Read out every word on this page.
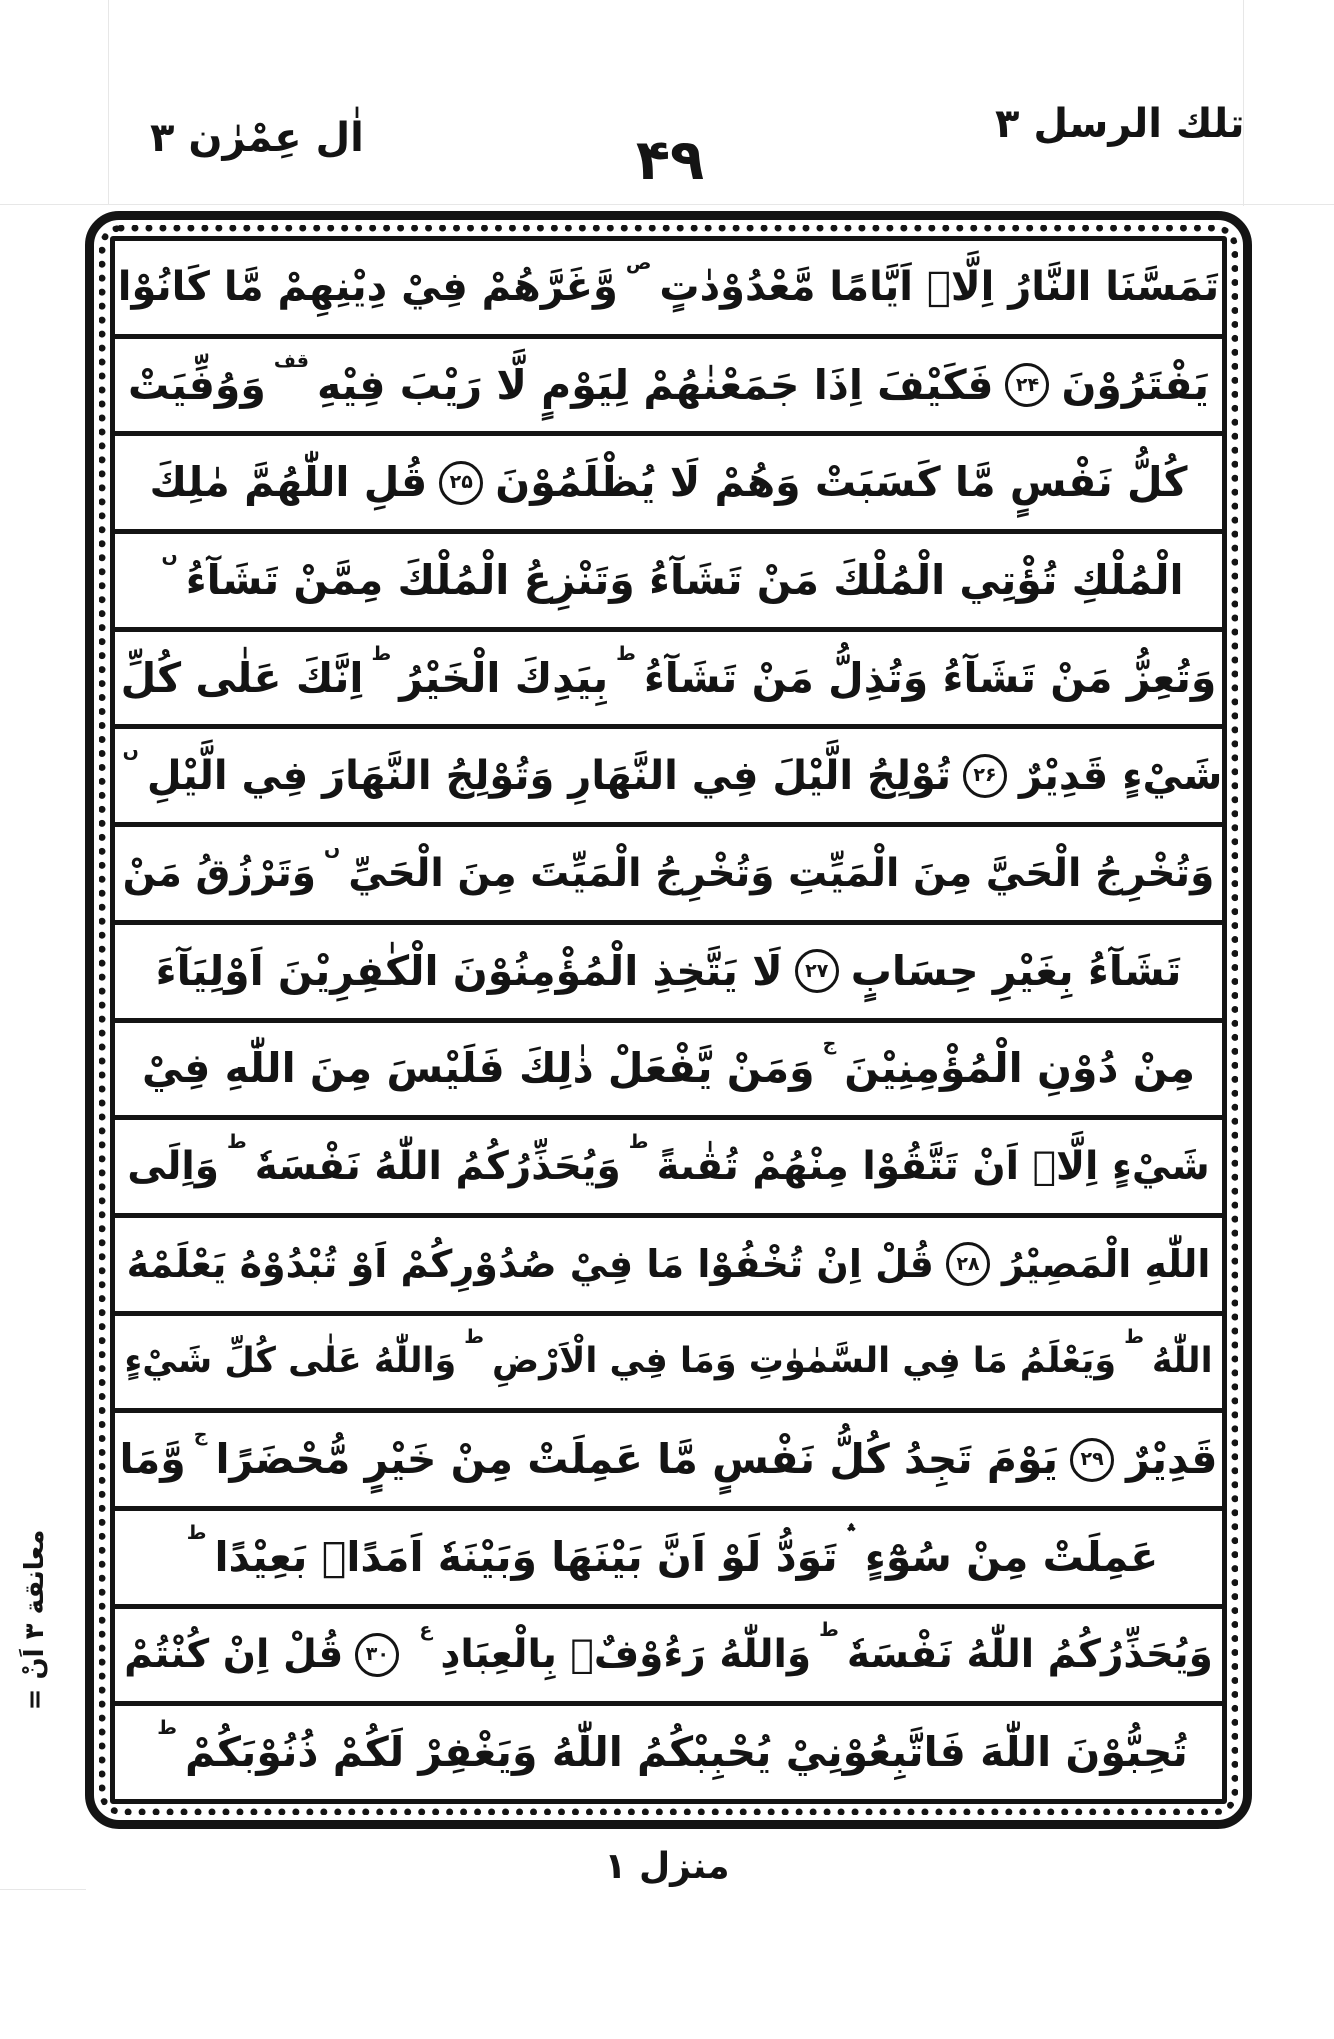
اٰل عِمْرٰن ۳	۴۹
تلك الرسل ۳
تَمَسَّنَا النَّارُ اِلَّاۤ اَيَّامًا مَّعْدُوْدٰتٍ
ص
وَّغَرَّهُمْ فِيْ دِيْنِهِمْ مَّا كَانُوْا
يَفْتَرُوْنَ
۲۴
فَكَيْفَ اِذَا جَمَعْنٰهُمْ لِيَوْمٍ لَّا رَيْبَ فِيْهِ
قف
وَوُفِّيَتْ
كُلُّ نَفْسٍ مَّا كَسَبَتْ وَهُمْ لَا يُظْلَمُوْنَ
۲۵
قُلِ اللّٰهُمَّ مٰلِكَ
الْمُلْكِ تُؤْتِي الْمُلْكَ مَنْ تَشَآءُ وَتَنْزِعُ الْمُلْكَ مِمَّنْ تَشَآءُ
ں
وَتُعِزُّ مَنْ تَشَآءُ وَتُذِلُّ مَنْ تَشَآءُ
ط
بِيَدِكَ الْخَيْرُ
ط
اِنَّكَ عَلٰى كُلِّ
شَيْءٍ قَدِيْرٌ
۲۶
تُوْلِجُ الَّيْلَ فِي النَّهَارِ وَتُوْلِجُ النَّهَارَ فِي الَّيْلِ
ں
وَتُخْرِجُ الْحَيَّ مِنَ الْمَيِّتِ وَتُخْرِجُ الْمَيِّتَ مِنَ الْحَيِّ
ں
وَتَرْزُقُ مَنْ
تَشَآءُ بِغَيْرِ حِسَابٍ
۲۷
لَا يَتَّخِذِ الْمُؤْمِنُوْنَ الْكٰفِرِيْنَ اَوْلِيَآءَ
مِنْ دُوْنِ الْمُؤْمِنِيْنَ
ج
وَمَنْ يَّفْعَلْ ذٰلِكَ فَلَيْسَ مِنَ اللّٰهِ فِيْ
شَيْءٍ اِلَّاۤ اَنْ تَتَّقُوْا مِنْهُمْ تُقٰىةً
ط
وَيُحَذِّرُكُمُ اللّٰهُ نَفْسَهٗ
ط
وَاِلَى
اللّٰهِ الْمَصِيْرُ
۲۸
قُلْ اِنْ تُخْفُوْا مَا فِيْ صُدُوْرِكُمْ اَوْ تُبْدُوْهُ يَعْلَمْهُ
اللّٰهُ
ط
وَيَعْلَمُ مَا فِي السَّمٰوٰتِ وَمَا فِي الْاَرْضِ
ط
وَاللّٰهُ عَلٰى كُلِّ شَيْءٍ
قَدِيْرٌ
۲۹
يَوْمَ تَجِدُ كُلُّ نَفْسٍ مَّا عَمِلَتْ مِنْ خَيْرٍ مُّحْضَرًا
ج
وَّمَا
عَمِلَتْ مِنْ سُوْٓءٍ
؞
تَوَدُّ لَوْ اَنَّ بَيْنَهَا وَبَيْنَهٗ اَمَدًاۢ بَعِيْدًا
ط
وَيُحَذِّرُكُمُ اللّٰهُ نَفْسَهٗ
ط
وَاللّٰهُ رَءُوْفٌۢ بِالْعِبَادِ
ع
۳۰
قُلْ اِنْ كُنْتُمْ
تُحِبُّوْنَ اللّٰهَ فَاتَّبِعُوْنِيْ يُحْبِبْكُمُ اللّٰهُ وَيَغْفِرْ لَكُمْ ذُنُوْبَكُمْ
ط
معانقة ٣ اَنْ =
منزل ۱
